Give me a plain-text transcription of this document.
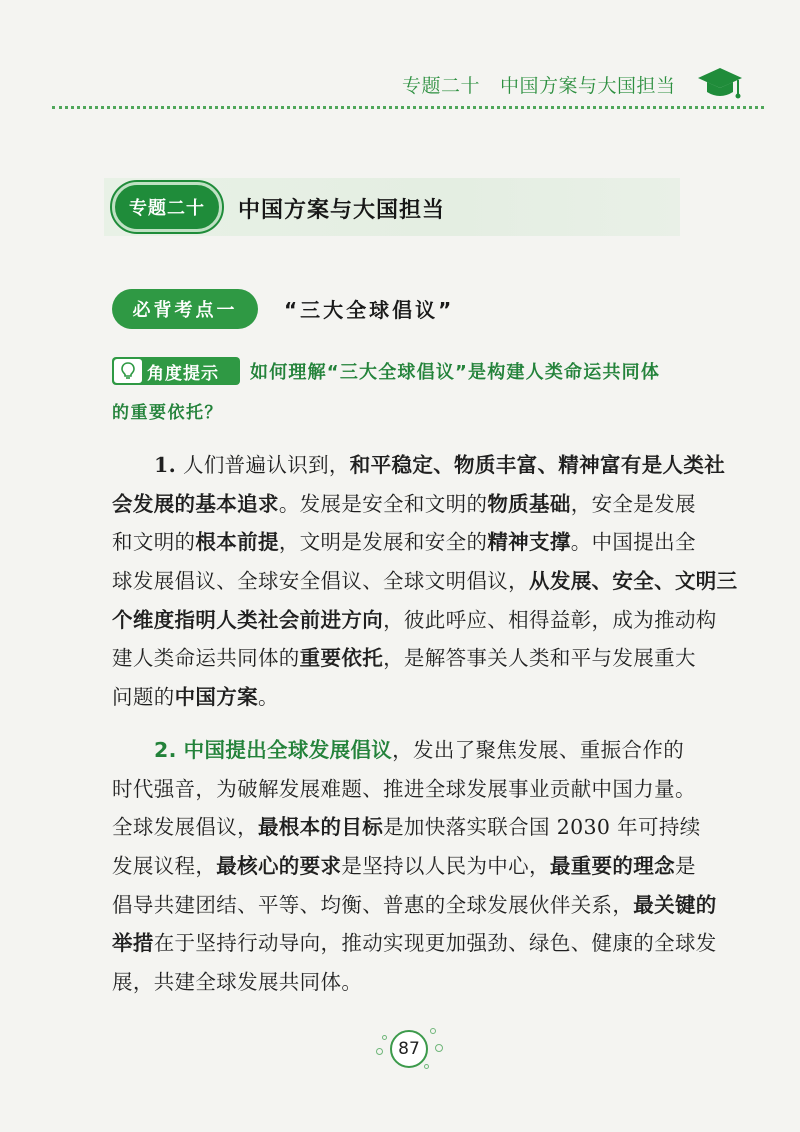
专题二十 中国方案与大国担当
专题二十	中国方案与大国担当
必背考点一	“三大全球倡议”
角度提示 如何理解“三大全球倡议”是构建人类命运共同体
的重要依托？
1. 人们普遍认识到，和平稳定、物质丰富、精神富有是人类社
会发展的基本追求。发展是安全和文明的物质基础，安全是发展
和文明的根本前提，文明是发展和安全的精神支撑。中国提出全
球发展倡议、全球安全倡议、全球文明倡议，从发展、安全、文明三
个维度指明人类社会前进方向，彼此呼应、相得益彰，成为推动构
建人类命运共同体的重要依托，是解答事关人类和平与发展重大
问题的中国方案。
2. 中国提出全球发展倡议，发出了聚焦发展、重振合作的
时代强音，为破解发展难题、推进全球发展事业贡献中国力量。
全球发展倡议，最根本的目标是加快落实联合国 2030 年可持续
发展议程，最核心的要求是坚持以人民为中心，最重要的理念是
倡导共建团结、平等、均衡、普惠的全球发展伙伴关系，最关键的
举措在于坚持行动导向，推动实现更加强劲、绿色、健康的全球发
展，共建全球发展共同体。
87
